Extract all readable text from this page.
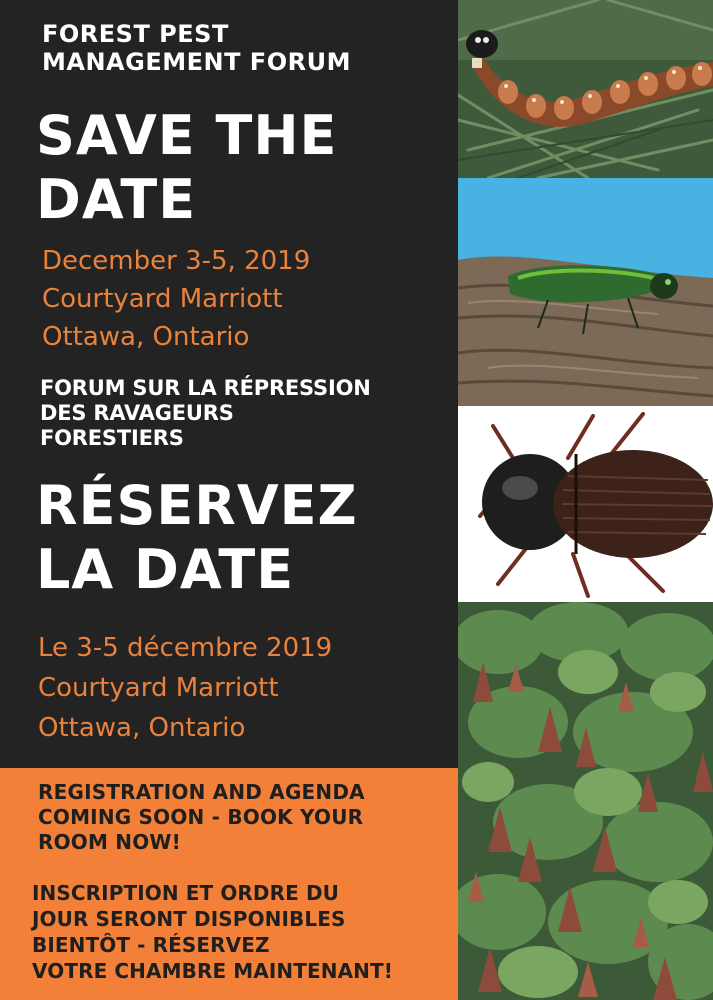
FOREST PEST
MANAGEMENT FORUM
SAVE THE
DATE
December 3-5, 2019
Courtyard Marriott
Ottawa, Ontario
FORUM SUR LA RÉPRESSION
DES RAVAGEURS
FORESTIERS
RÉSERVEZ
LA DATE
Le 3-5 décembre 2019
Courtyard Marriott
Ottawa, Ontario
REGISTRATION AND AGENDA
COMING SOON - BOOK YOUR
ROOM NOW!
INSCRIPTION ET ORDRE DU
JOUR SERONT DISPONIBLES
BIENTÔT - RÉSERVEZ
VOTRE CHAMBRE MAINTENANT!
